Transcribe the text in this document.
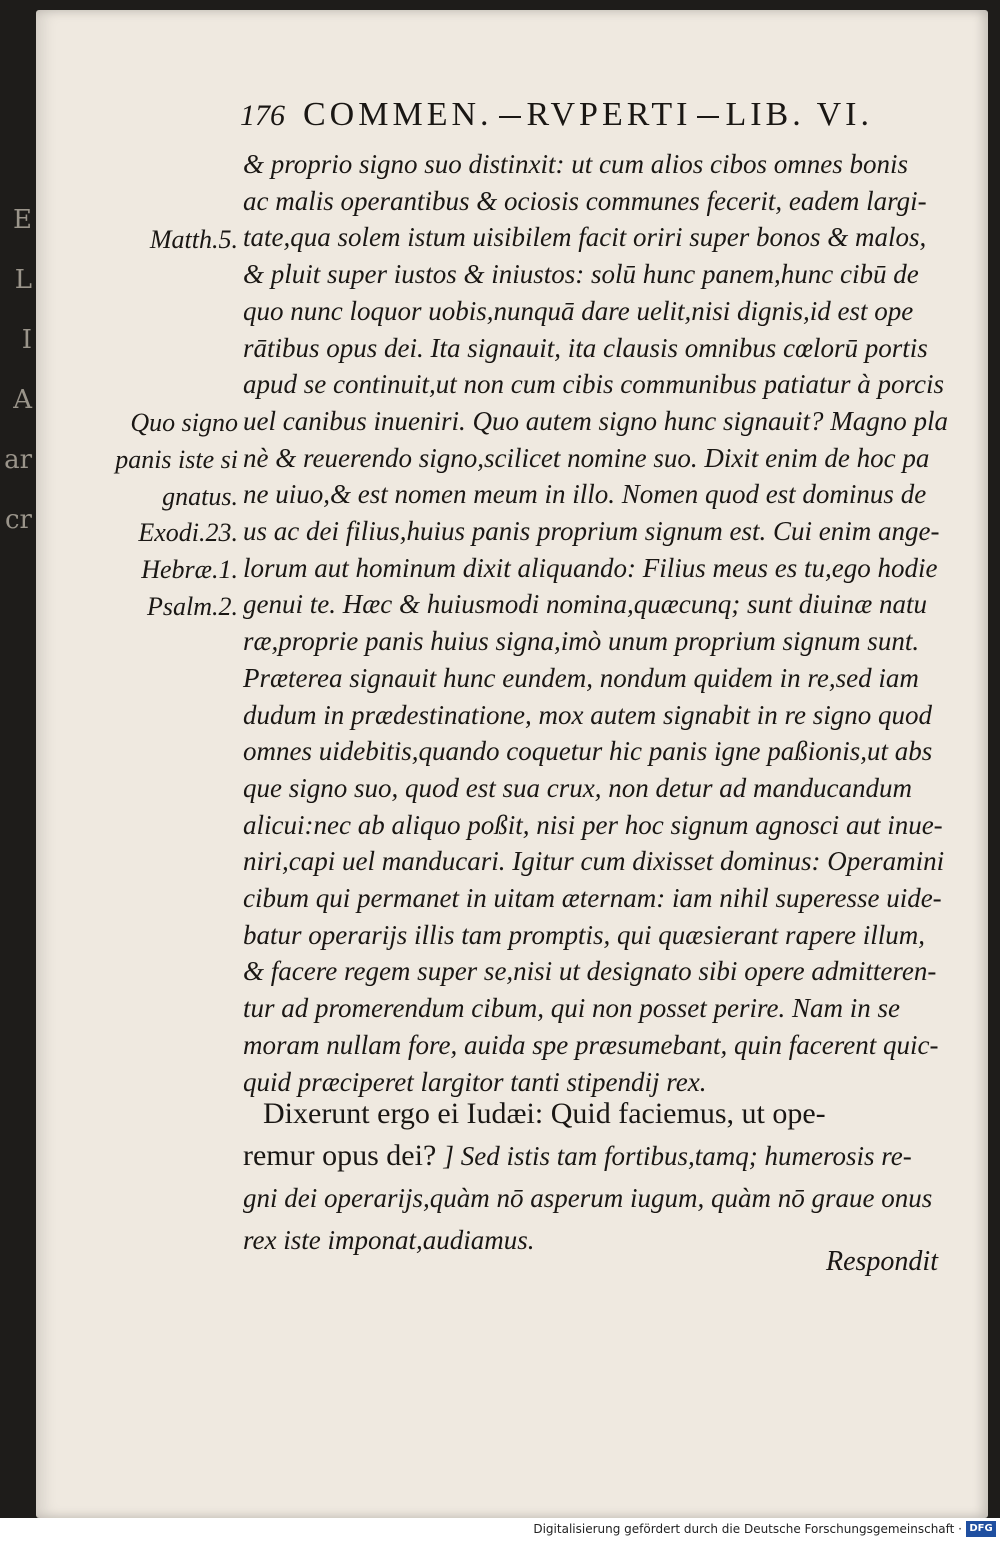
E
L
I
A
ar
cr
176 COMMEN. RVPERTI LIB. VI.
Matth.5.
Quo signo
panis iste si
gnatus.
Exodi.23.
Hebræ.1.
Psalm.2.
& proprio signo suo distinxit: ut cum alios cibos omnes bonis
ac malis operantibus & ociosis communes fecerit, eadem largi-
tate,qua solem istum uisibilem facit oriri super bonos & malos,
& pluit super iustos & iniustos: solū hunc panem,hunc cibū de
quo nunc loquor uobis,nunquā dare uelit,nisi dignis,id est ope
rātibus opus dei. Ita signauit, ita clausis omnibus cœlorū portis
apud se continuit,ut non cum cibis communibus patiatur à porcis
uel canibus inueniri. Quo autem signo hunc signauit? Magno pla
nè & reuerendo signo,scilicet nomine suo. Dixit enim de hoc pa
ne uiuo,& est nomen meum in illo. Nomen quod est dominus de
us ac dei filius,huius panis proprium signum est. Cui enim ange-
lorum aut hominum dixit aliquando: Filius meus es tu,ego hodie
genui te. Hæc & huiusmodi nomina,quæcunq; sunt diuinæ natu
ræ,proprie panis huius signa,imò unum proprium signum sunt.
Præterea signauit hunc eundem, nondum quidem in re,sed iam
dudum in prædestinatione, mox autem signabit in re signo quod
omnes uidebitis,quando coquetur hic panis igne paßionis,ut abs
que signo suo, quod est sua crux, non detur ad manducandum
alicui:nec ab aliquo poßit, nisi per hoc signum agnosci aut inue-
niri,capi uel manducari. Igitur cum dixisset dominus: Operamini
cibum qui permanet in uitam æternam: iam nihil superesse uide-
batur operarijs illis tam promptis, qui quæsierant rapere illum,
& facere regem super se,nisi ut designato sibi opere admitteren-
tur ad promerendum cibum, qui non posset perire. Nam in se
moram nullam fore, auida spe præsumebant, quin facerent quic-
quid præciperet largitor tanti stipendij rex.
Dixerunt ergo ei Iudæi: Quid faciemus, ut ope-
remur opus dei? ] Sed istis tam fortibus,tamq; humerosis re-
gni dei operarijs,quàm nō asperum iugum, quàm nō graue onus
rex iste imponat,audiamus.
Respondit
Digitalisierung gefördert durch die Deutsche Forschungsgemeinschaft · DFG
